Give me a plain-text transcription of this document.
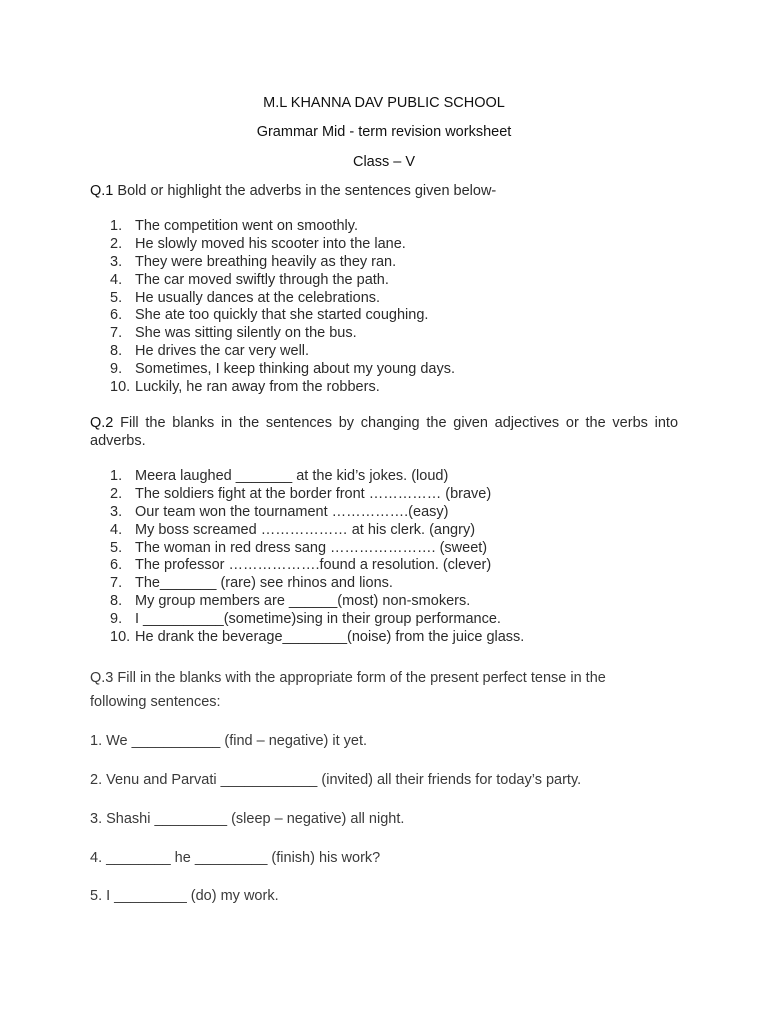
M.L KHANNA DAV PUBLIC SCHOOL
Grammar Mid - term revision worksheet
Class – V
Q.1 Bold or highlight the adverbs in the sentences given below-
1. The competition went on smoothly.
2. He slowly moved his scooter into the lane.
3. They were breathing heavily as they ran.
4. The car moved swiftly through the path.
5. He usually dances at the celebrations.
6. She ate too quickly that she started coughing.
7. She was sitting silently on the bus.
8. He drives the car very well.
9. Sometimes, I keep thinking about my young days.
10. Luckily, he ran away from the robbers.
Q.2 Fill the blanks in the sentences by changing the given adjectives or the verbs into adverbs.
1. Meera laughed _______ at the kid’s jokes. (loud)
2. The soldiers fight at the border front …………… (brave)
3. Our team won the tournament …………….(easy)
4. My boss screamed ……………… at his clerk. (angry)
5. The woman in red dress sang …………………. (sweet)
6. The professor ……………….found a resolution. (clever)
7. The_______ (rare) see rhinos and lions.
8. My group members are ______(most) non-smokers.
9. I __________(sometime)sing in their group performance.
10. He drank the beverage________(noise) from the juice glass.
Q.3 Fill in the blanks with the appropriate form of the present perfect tense in the following sentences:
1. We ___________ (find – negative) it yet.
2. Venu and Parvati ____________ (invited) all their friends for today’s party.
3. Shashi _________ (sleep – negative) all night.
4. ________ he _________ (finish) his work?
5. I _________ (do) my work.
